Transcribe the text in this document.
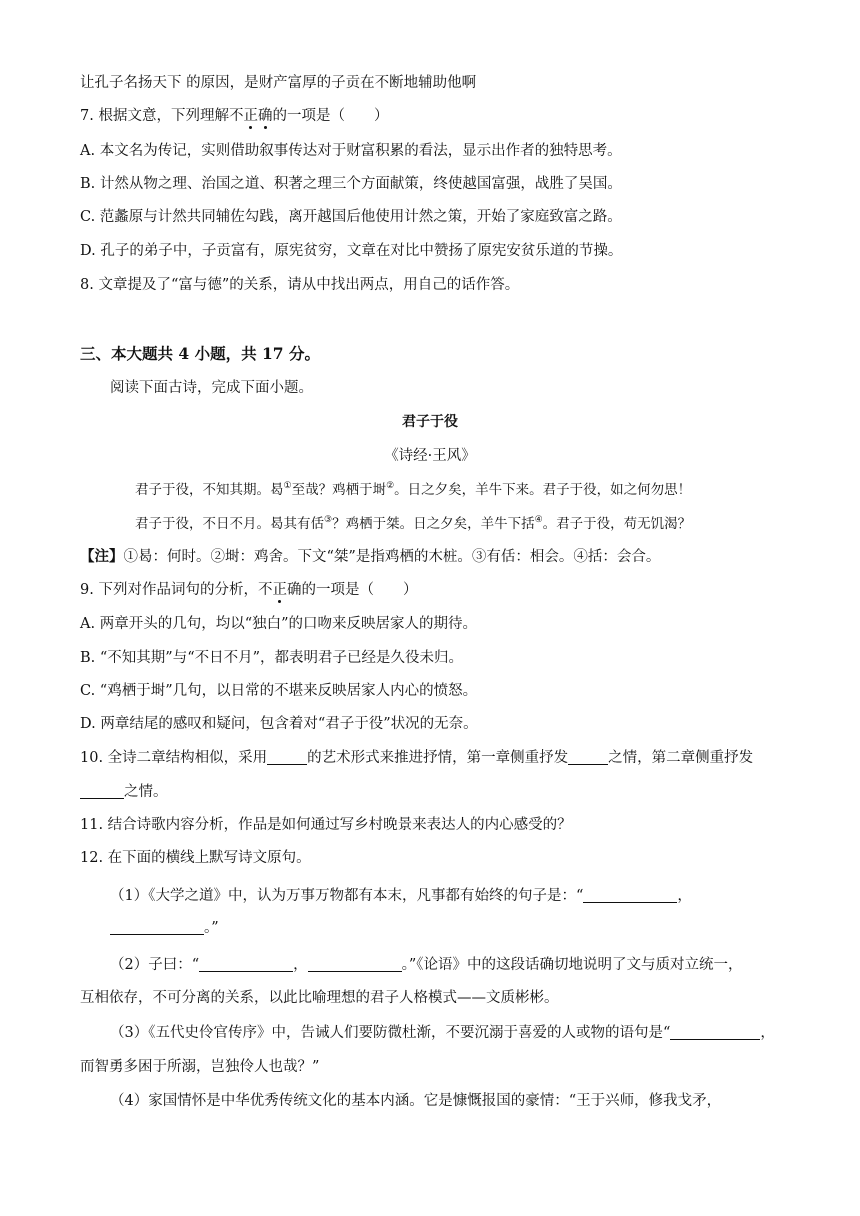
让孔子名扬天下 的原因，是财产富厚的子贡在不断地辅助他啊
7. 根据文意，下列理解不正确的一项是（　　）
A. 本文名为传记，实则借助叙事传达对于财富积累的看法，显示出作者的独特思考。
B. 计然从物之理、治国之道、积著之理三个方面献策，终使越国富强，战胜了吴国。
C. 范蠡原与计然共同辅佐勾践，离开越国后他使用计然之策，开始了家庭致富之路。
D. 孔子的弟子中，子贡富有，原宪贫穷，文章在对比中赞扬了原宪安贫乐道的节操。
8. 文章提及了“富与德”的关系，请从中找出两点，用自己的话作答。
三、本大题共 4 小题，共 17 分。
阅读下面古诗，完成下面小题。
君子于役
《诗经·王风》
君子于役，不知其期。曷①至哉？鸡栖于埘②。日之夕矣，羊牛下来。君子于役，如之何勿思！
君子于役，不日不月。曷其有佸③？鸡栖于桀。日之夕矣，羊牛下括④。君子于役，苟无饥渴？
【注】①曷：何时。②埘：鸡舍。下文“桀”是指鸡栖的木桩。③有佸：相会。④括：会合。
9. 下列对作品词句的分析，不正确的一项是（　　）
A. 两章开头的几句，均以“独白”的口吻来反映居家人的期待。
B. “不知其期”与“不日不月”，都表明君子已经是久役未归。
C. “鸡栖于埘”几句，以日常的不堪来反映居家人内心的愤怒。
D. 两章结尾的感叹和疑问，包含着对“君子于役”状况的无奈。
10. 全诗二章结构相似，采用	的艺术形式来推进抒情，第一章侧重抒发	之情，第二章侧重抒发
之情。
11. 结合诗歌内容分析，作品是如何通过写乡村晚景来表达人的内心感受的？
12. 在下面的横线上默写诗文原句。
（1）《大学之道》中，认为万事万物都有本末，凡事都有始终的句子是：“	，
。”
（2）子曰：“	，	。”《论语》中的这段话确切地说明了文与质对立统一，
互相依存，不可分离的关系，以此比喻理想的君子人格模式——文质彬彬。
（3）《五代史伶官传序》中，告诫人们要防微杜渐，不要沉溺于喜爱的人或物的语句是“	，
而智勇多困于所溺，岂独伶人也哉？”
（4）家国情怀是中华优秀传统文化的基本内涵。它是慷慨报国的豪情：“王于兴师，修我戈矛，
